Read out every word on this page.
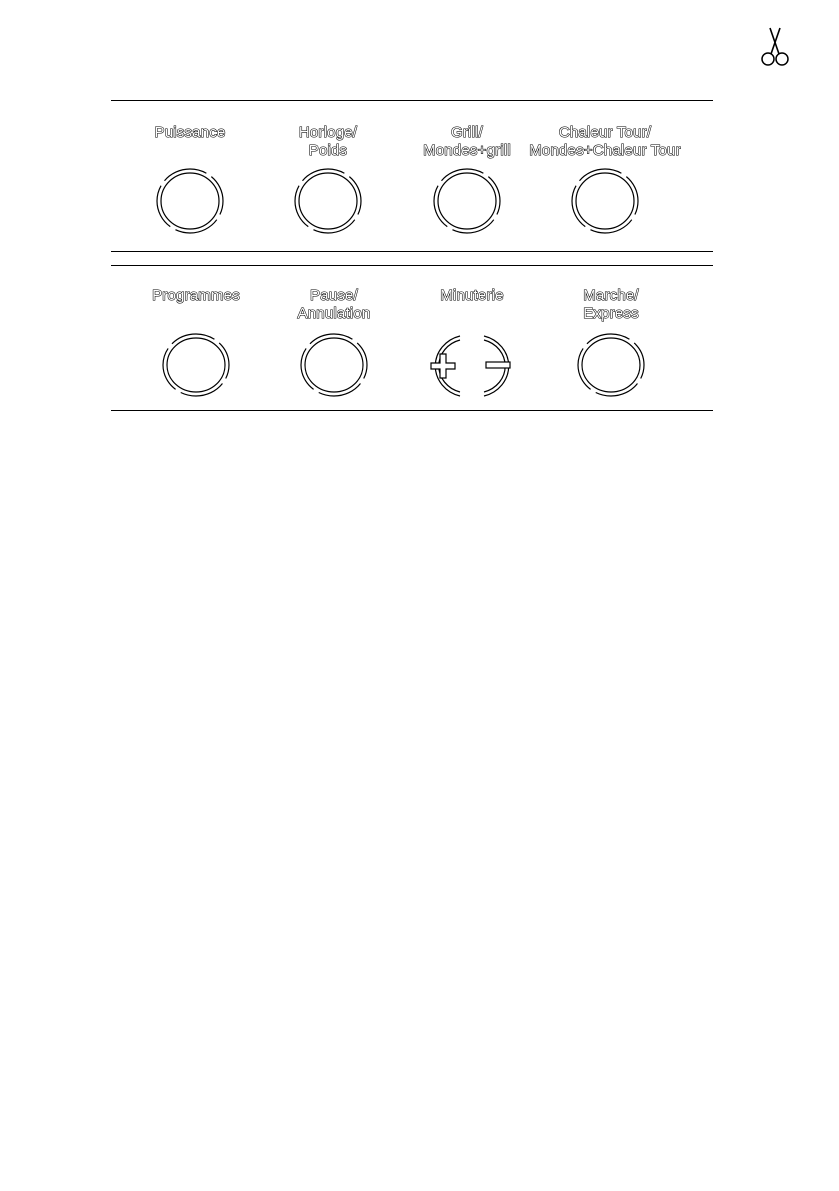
Puissance	Horloge/
Poids
Grill/
Mondes+grill
Chaleur Tour/
Mondes+Chaleur Tour
Programmes	Pause/
Annulation
Minuterie	Marche/
Express
